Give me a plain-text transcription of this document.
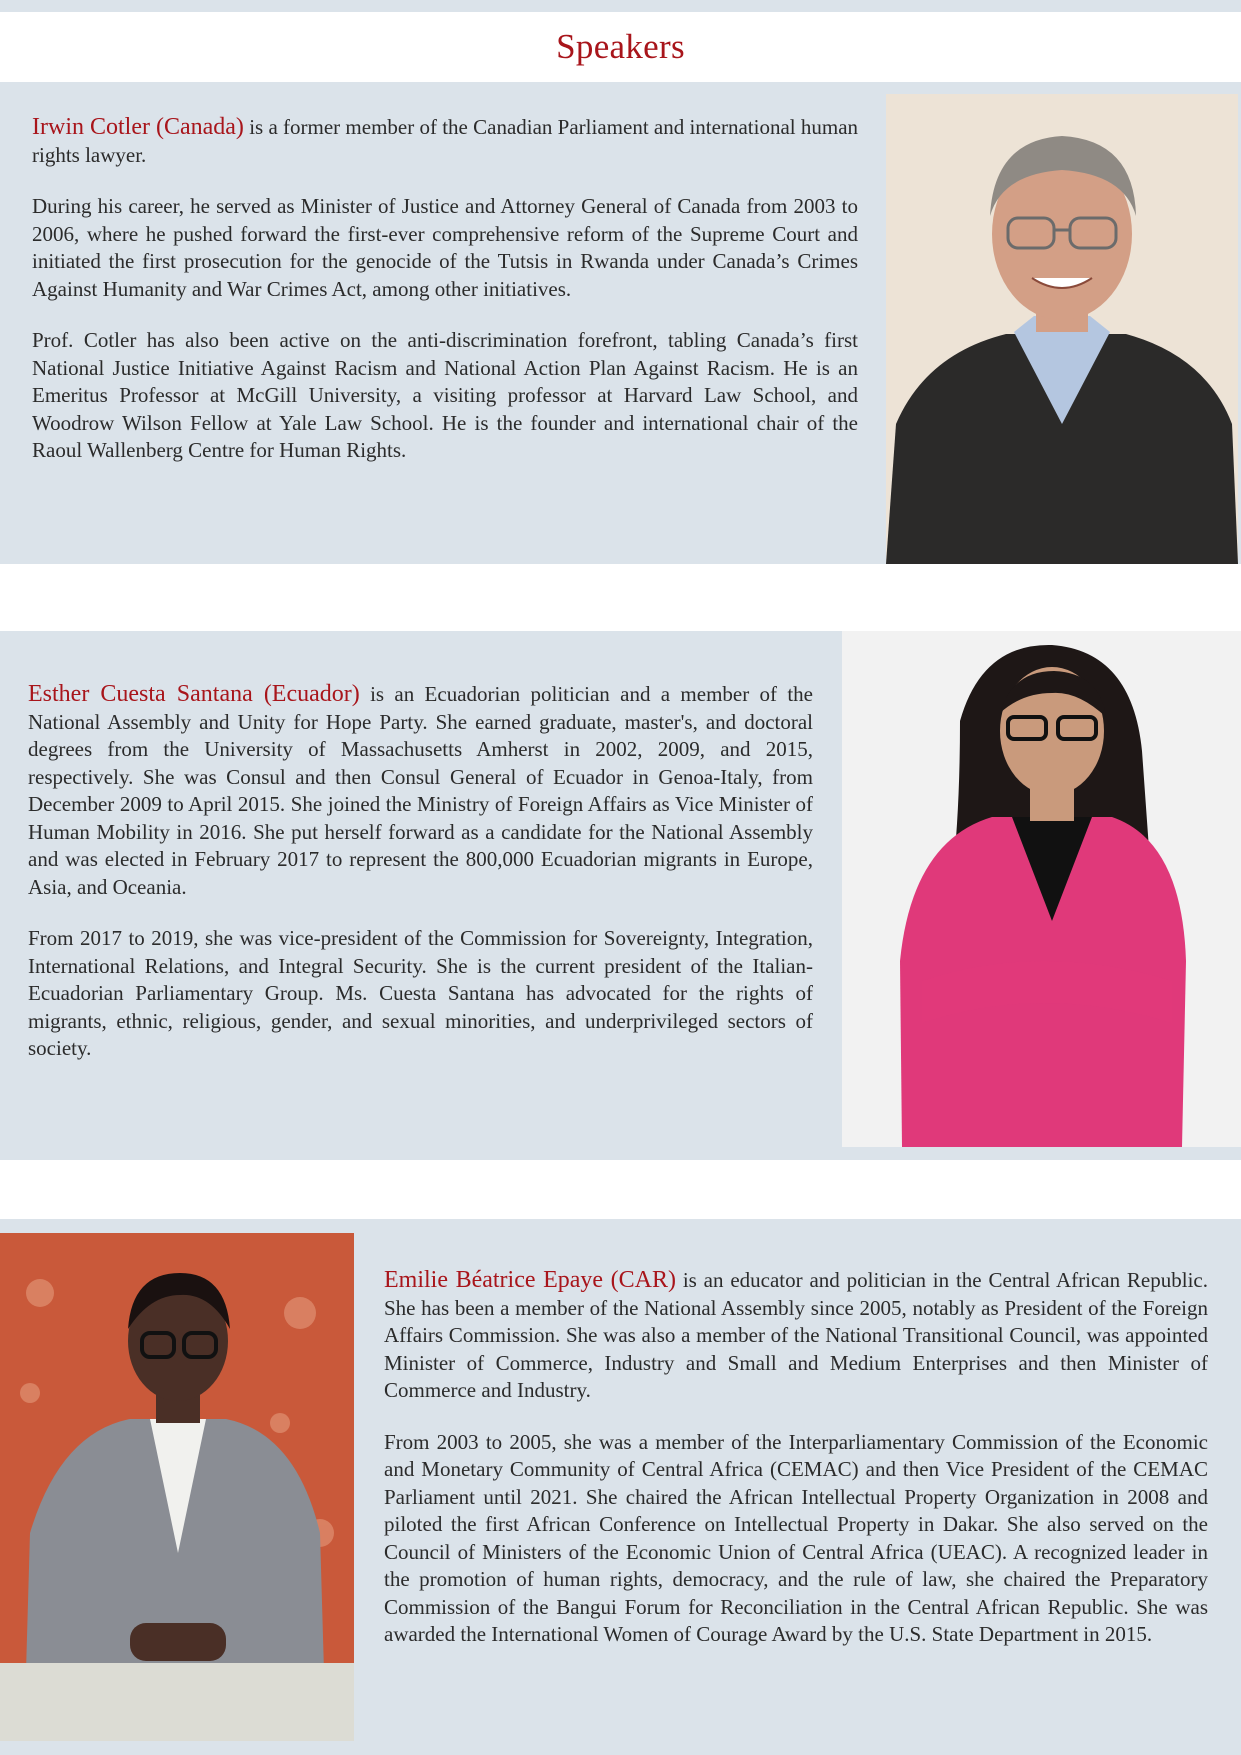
Speakers

Irwin Cotler (Canada) is a former member of the Canadian Parliament and international human rights lawyer.

During his career, he served as Minister of Justice and Attorney General of Canada from 2003 to 2006, where he pushed forward the first-ever comprehensive reform of the Supreme Court and initiated the first prosecution for the genocide of the Tutsis in Rwanda under Canada’s Crimes Against Humanity and War Crimes Act, among other initiatives.

Prof. Cotler has also been active on the anti-discrimination forefront, tabling Canada’s first National Justice Initiative Against Racism and National Action Plan Against Racism. He is an Emeritus Professor at McGill University, a visiting professor at Harvard Law School, and Woodrow Wilson Fellow at Yale Law School. He is the founder and international chair of the Raoul Wallenberg Centre for Human Rights.

Esther Cuesta Santana (Ecuador) is an Ecuadorian politician and a member of the National Assembly and Unity for Hope Party. She earned graduate, master's, and doctoral degrees from the University of Massachusetts Amherst in 2002, 2009, and 2015, respectively. She was Consul and then Consul General of Ecuador in Genoa-Italy, from December 2009 to April 2015. She joined the Ministry of Foreign Affairs as Vice Minister of Human Mobility in 2016. She put herself forward as a candidate for the National Assembly and was elected in February 2017 to represent the 800,000 Ecuadorian migrants in Europe, Asia, and Oceania.

From 2017 to 2019, she was vice-president of the Commission for Sovereignty, Integration, International Relations, and Integral Security. She is the current president of the Italian-Ecuadorian Parliamentary Group. Ms. Cuesta Santana has advocated for the rights of migrants, ethnic, religious, gender, and sexual minorities, and underprivileged sectors of society.

Emilie Béatrice Epaye (CAR) is an educator and politician in the Central African Republic. She has been a member of the National Assembly since 2005, notably as President of the Foreign Affairs Commission. She was also a member of the National Transitional Council, was appointed Minister of Commerce, Industry and Small and Medium Enterprises and then Minister of Commerce and Industry.

From 2003 to 2005, she was a member of the Interparliamentary Commission of the Economic and Monetary Community of Central Africa (CEMAC) and then Vice President of the CEMAC Parliament until 2021. She chaired the African Intellectual Property Organization in 2008 and piloted the first African Conference on Intellectual Property in Dakar. She also served on the Council of Ministers of the Economic Union of Central Africa (UEAC). A recognized leader in the promotion of human rights, democracy, and the rule of law, she chaired the Preparatory Commission of the Bangui Forum for Reconciliation in the Central African Republic. She was awarded the International Women of Courage Award by the U.S. State Department in 2015.
